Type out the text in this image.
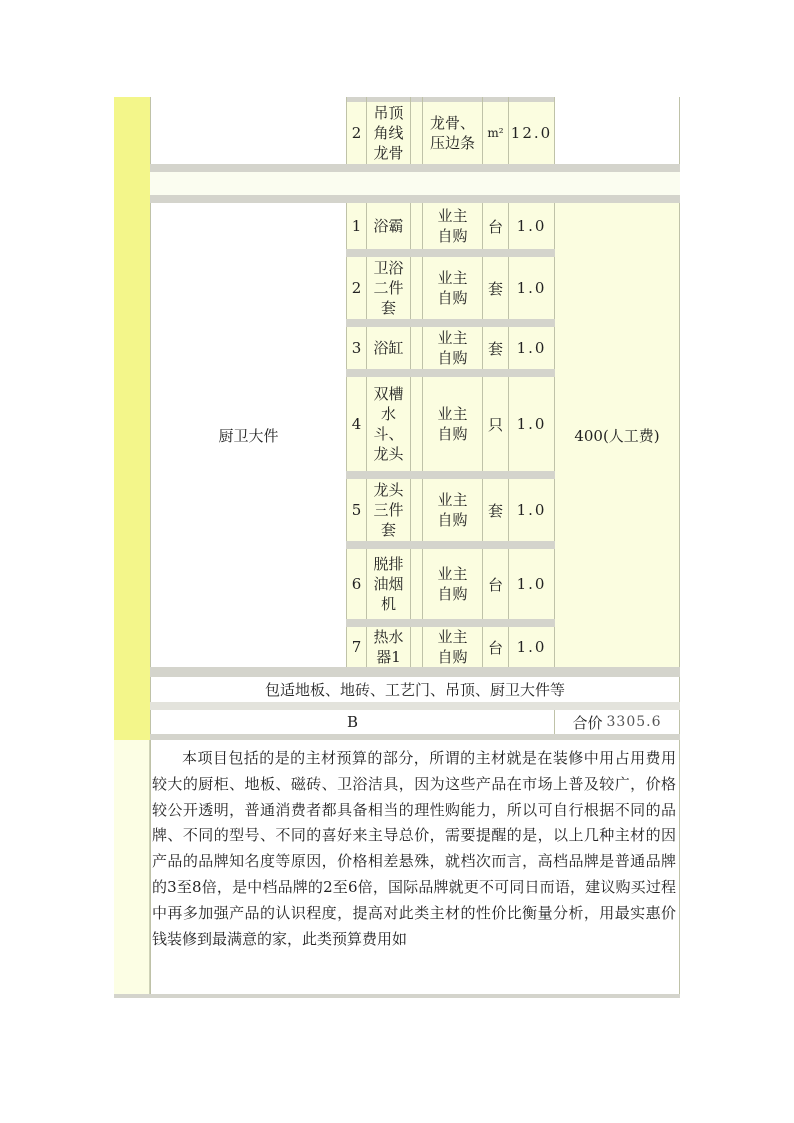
2
吊顶角线龙骨
龙骨、压边条
m² 12.0
厨卫大件	400(人工费)
1 浴霸
业主自购
台 1.0
2
卫浴二件套
业主自购
套 1.0
3 浴缸
业主自购
套 1.0
4
双槽水斗、龙头
业主自购
只 1.0
5
龙头三件套
业主自购
套 1.0
6
脱排油烟机
业主自购
台 1.0
7
热水器1
业主自购
台 1.0
包适地板、地砖、工艺门、吊顶、厨卫大件等
B	合价 3305.6

本项目包括的是的主材预算的部分，所谓的主材就是在装修中用占用费用较大的厨柜、地板、磁砖、卫浴洁具，因为这些产品在市场上普及较广，价格较公开透明，普通消费者都具备相当的理性购能力，所以可自行根据不同的品牌、不同的型号、不同的喜好来主导总价，需要提醒的是，以上几种主材的因产品的品牌知名度等原因，价格相差悬殊，就档次而言，高档品牌是普通品牌的3至8倍，是中档品牌的2至6倍，国际品牌就更不可同日而语，建议购买过程中再多加强产品的认识程度，提高对此类主材的性价比衡量分析，用最实惠价钱装修到最满意的家，此类预算费用如
